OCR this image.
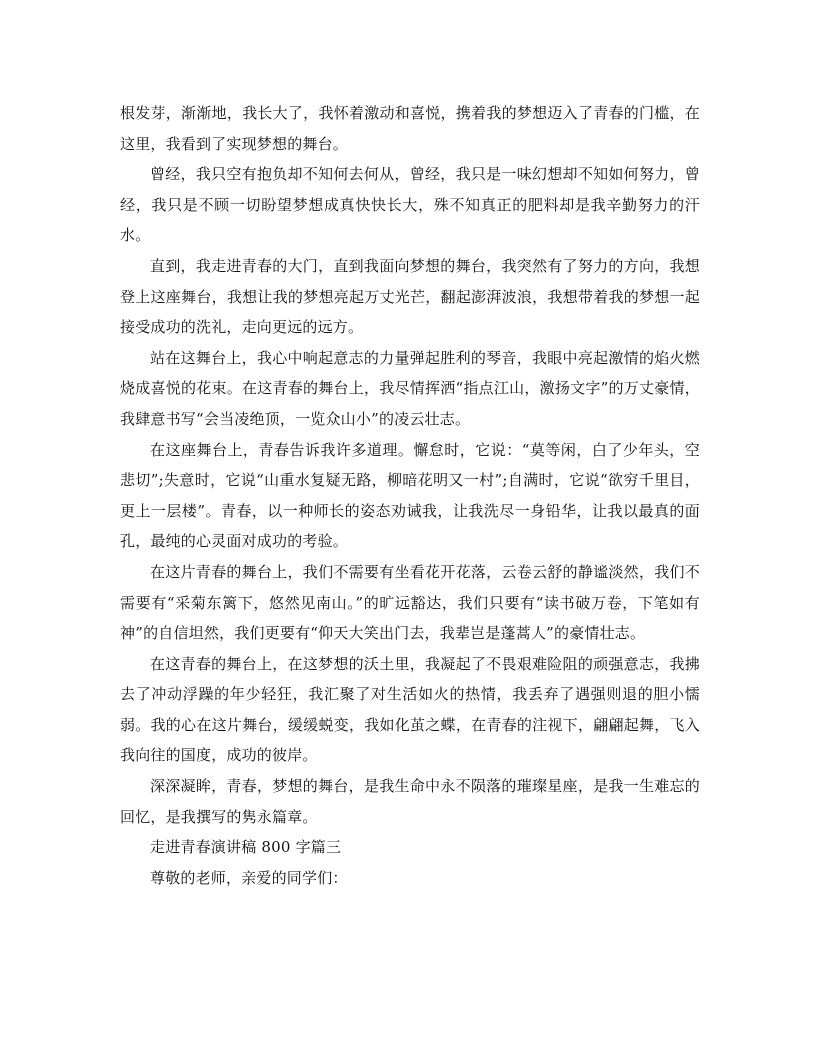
根发芽，渐渐地，我长大了，我怀着激动和喜悦，携着我的梦想迈入了青春的门槛，在这里，我看到了实现梦想的舞台。

曾经，我只空有抱负却不知何去何从，曾经，我只是一味幻想却不知如何努力，曾经，我只是不顾一切盼望梦想成真快快长大，殊不知真正的肥料却是我辛勤努力的汗水。

直到，我走进青春的大门，直到我面向梦想的舞台，我突然有了努力的方向，我想登上这座舞台，我想让我的梦想亮起万丈光芒，翻起澎湃波浪，我想带着我的梦想一起接受成功的洗礼，走向更远的远方。

站在这舞台上，我心中响起意志的力量弹起胜利的琴音，我眼中亮起激情的焰火燃烧成喜悦的花束。在这青春的舞台上，我尽情挥洒“指点江山，激扬文字”的万丈豪情，我肆意书写“会当凌绝顶，一览众山小”的凌云壮志。

在这座舞台上，青春告诉我许多道理。懈怠时，它说：“莫等闲，白了少年头，空悲切”;失意时，它说“山重水复疑无路，柳暗花明又一村”;自满时，它说“欲穷千里目，更上一层楼”。青春，以一种师长的姿态劝诫我，让我洗尽一身铅华，让我以最真的面孔，最纯的心灵面对成功的考验。

在这片青春的舞台上，我们不需要有坐看花开花落，云卷云舒的静谧淡然，我们不需要有“采菊东篱下，悠然见南山。”的旷远豁达，我们只要有“读书破万卷，下笔如有神”的自信坦然，我们更要有“仰天大笑出门去，我辈岂是蓬蒿人”的豪情壮志。

在这青春的舞台上，在这梦想的沃土里，我凝起了不畏艰难险阻的顽强意志，我拂去了冲动浮躁的年少轻狂，我汇聚了对生活如火的热情，我丢弃了遇强则退的胆小懦弱。我的心在这片舞台，缓缓蜕变，我如化茧之蝶，在青春的注视下，翩翩起舞，飞入我向往的国度，成功的彼岸。

深深凝眸，青春，梦想的舞台，是我生命中永不陨落的璀璨星座，是我一生难忘的回忆，是我撰写的隽永篇章。

走进青春演讲稿 800 字篇三

尊敬的老师，亲爱的同学们：
